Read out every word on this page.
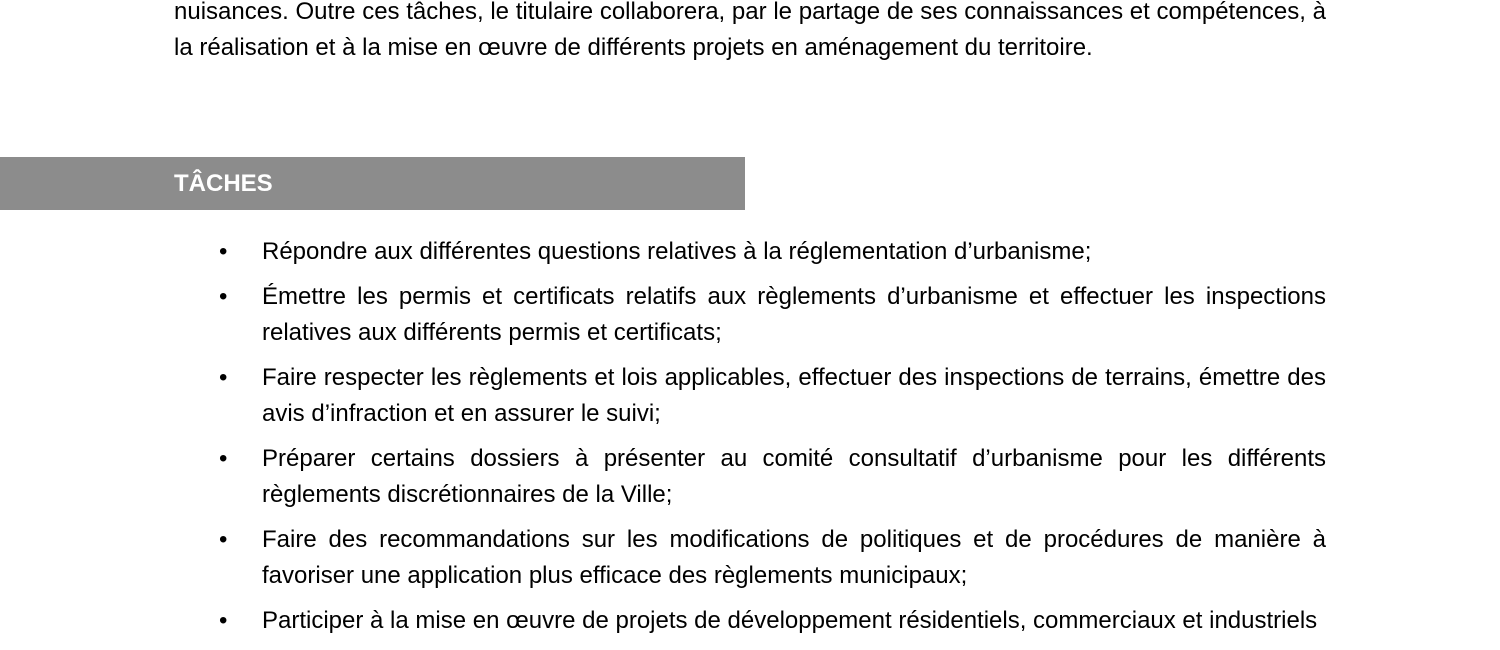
nuisances. Outre ces tâches, le titulaire collaborera, par le partage de ses connaissances et compétences, à la réalisation et à la mise en œuvre de différents projets en aménagement du territoire.

TÂCHES
•	Répondre aux différentes questions relatives à la réglementation d’urbanisme;
•	Émettre les permis et certificats relatifs aux règlements d’urbanisme et effectuer les inspections relatives aux différents permis et certificats;
•	Faire respecter les règlements et lois applicables, effectuer des inspections de terrains, émettre des avis d’infraction et en assurer le suivi;
•	Préparer certains dossiers à présenter au comité consultatif d’urbanisme pour les différents règlements discrétionnaires de la Ville;
•	Faire des recommandations sur les modifications de politiques et de procédures de manière à favoriser une application plus efficace des règlements municipaux;
•	Participer à la mise en œuvre de projets de développement résidentiels, commerciaux et industriels
